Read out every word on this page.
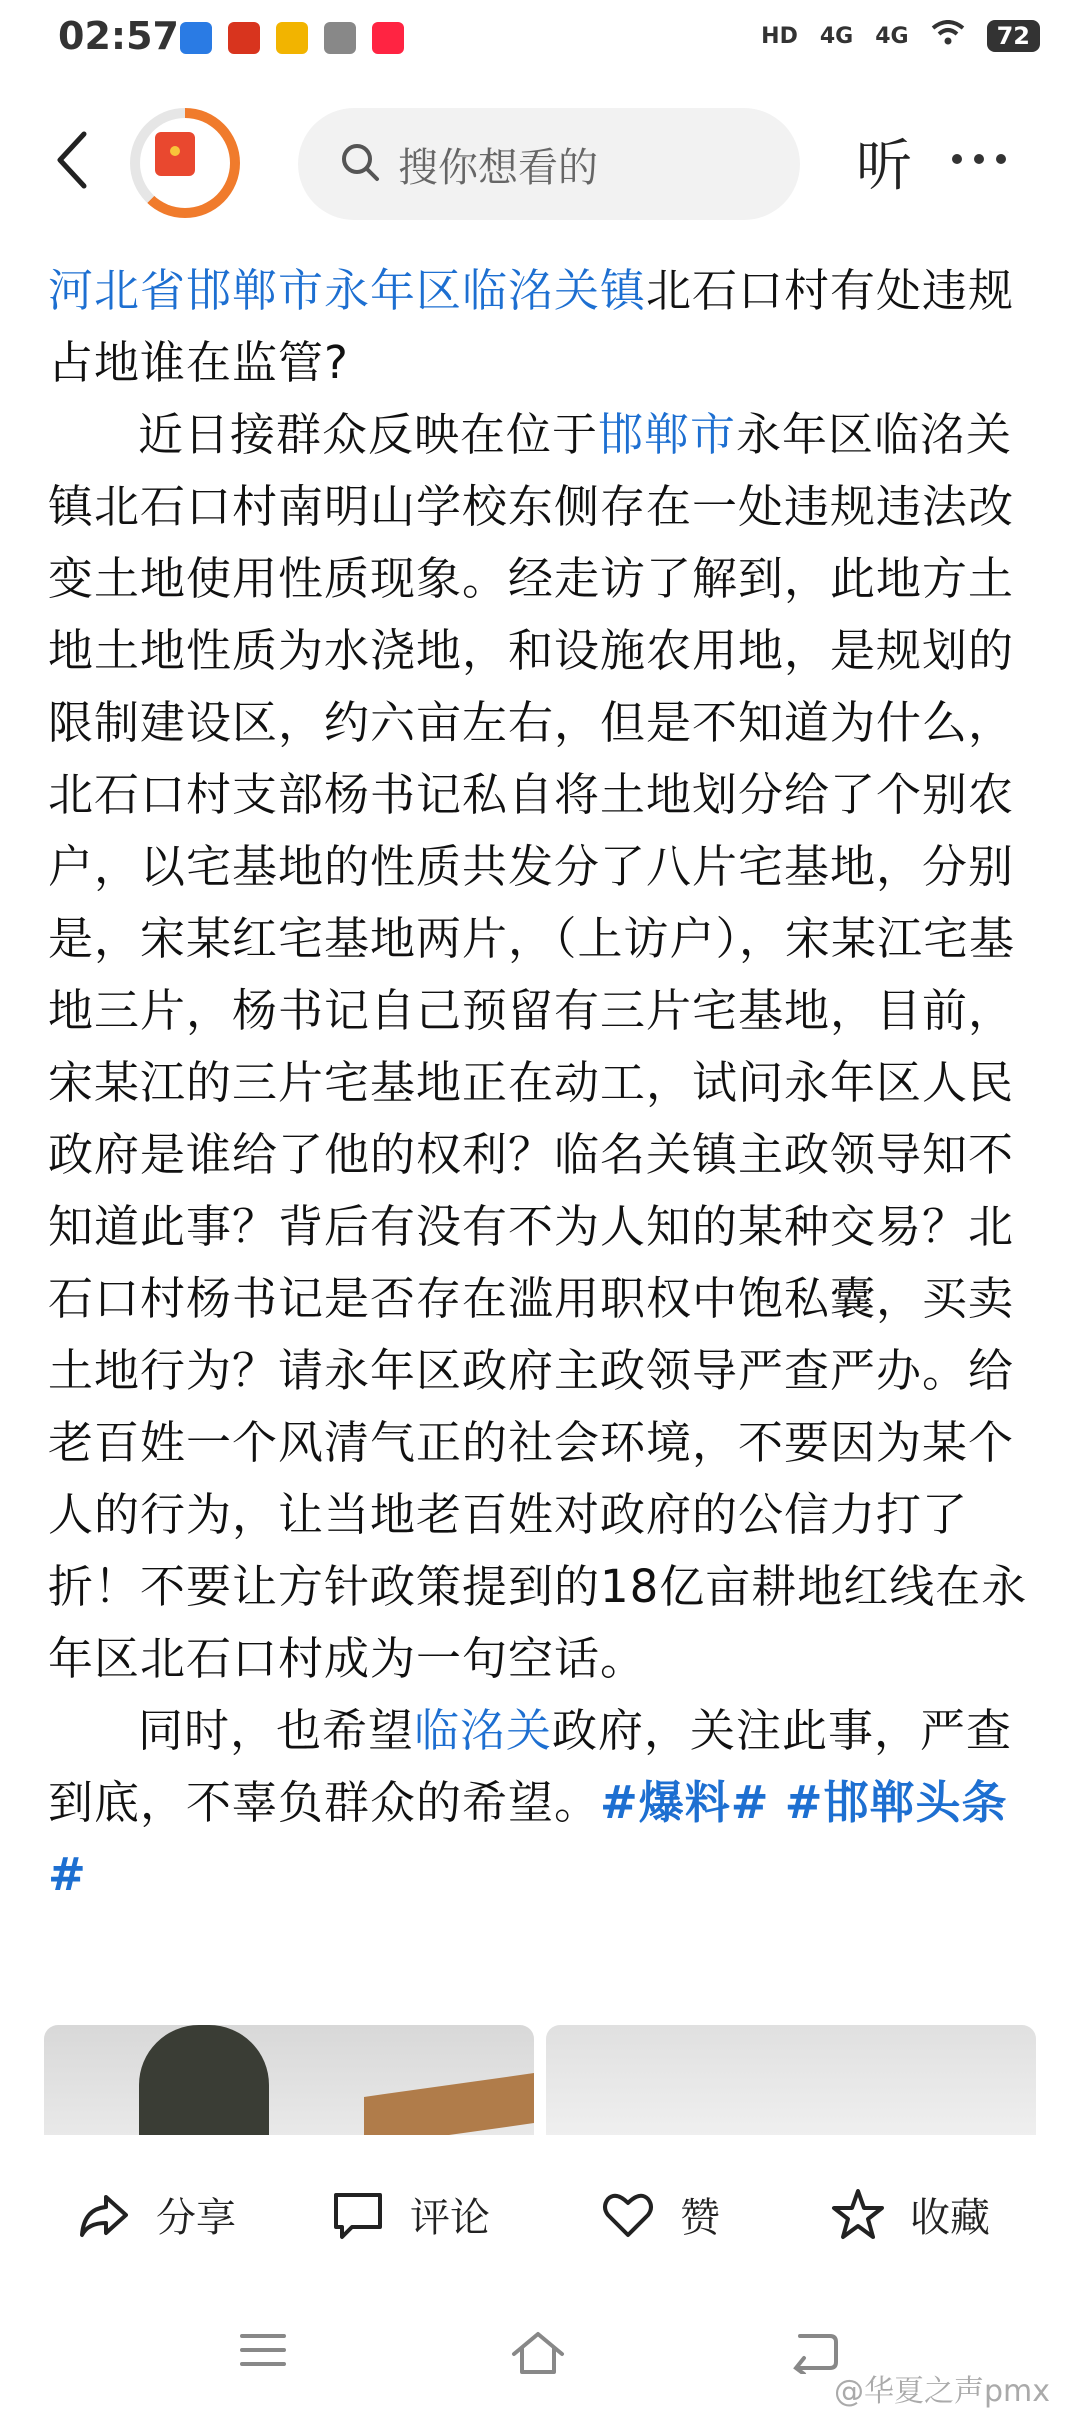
02:57	HD 4G 4G	72
搜你想看的	听

河北省邯郸市永年区临洺关镇北石口村有处违规占地谁在监管?

近日接群众反映在位于邯郸市永年区临洺关镇北石口村南明山学校东侧存在一处违规违法改变土地使用性质现象。经走访了解到，此地方土地土地性质为水浇地，和设施农用地，是规划的限制建设区，约六亩左右，但是不知道为什么，北石口村支部杨书记私自将土地划分给了个别农户，以宅基地的性质共发分了八片宅基地，分别是，宋某红宅基地两片，（上访户），宋某江宅基地三片，杨书记自己预留有三片宅基地，目前，宋某江的三片宅基地正在动工，试问永年区人民政府是谁给了他的权利？临名关镇主政领导知不知道此事？背后有没有不为人知的某种交易？北石口村杨书记是否存在滥用职权中饱私囊，买卖土地行为？请永年区政府主政领导严查严办。给老百姓一个风清气正的社会环境，不要因为某个人的行为，让当地老百姓对政府的公信力打了折！不要让方针政策提到的18亿亩耕地红线在永年区北石口村成为一句空话。

同时，也希望临洺关政府，关注此事，严查到底，不辜负群众的希望。#爆料# #邯郸头条#

分享	评论	赞	收藏
@华夏之声pmx
